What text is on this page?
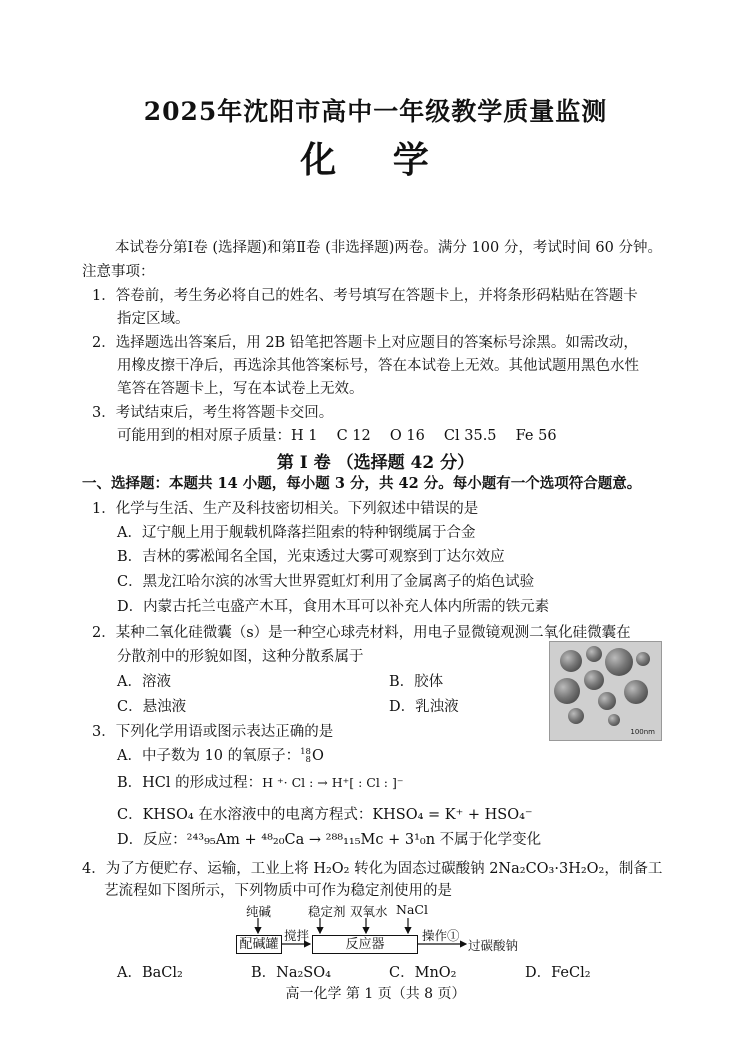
2025年沈阳市高中一年级教学质量监测
化 学
本试卷分第Ⅰ卷 (选择题)和第Ⅱ卷 (非选择题)两卷。满分 100 分，考试时间 60 分钟。
注意事项：
1．答卷前，考生务必将自己的姓名、考号填写在答题卡上，并将条形码粘贴在答题卡
指定区域。
2．选择题选出答案后，用 2B 铅笔把答题卡上对应题目的答案标号涂黑。如需改动，
用橡皮擦干净后，再选涂其他答案标号，答在本试卷上无效。其他试题用黑色水性
笔答在答题卡上，写在本试卷上无效。
3．考试结束后，考生将答题卡交回。
可能用到的相对原子质量：H 1　 C 12　 O 16　 Cl 35.5　 Fe 56
第 I 卷 （选择题 42 分）
一、选择题：本题共 14 小题，每小题 3 分，共 42 分。每小题有一个选项符合题意。
1．化学与生活、生产及科技密切相关。下列叙述中错误的是
A．辽宁舰上用于舰载机降落拦阻索的特种钢缆属于合金
B．吉林的雾凇闻名全国，光束透过大雾可观察到丁达尔效应
C．黑龙江哈尔滨的冰雪大世界霓虹灯利用了金属离子的焰色试验
D．内蒙古托兰屯盛产木耳，食用木耳可以补充人体内所需的铁元素
2．某种二氧化硅微囊（s）是一种空心球壳材料，用电子显微镜观测二氧化硅微囊在
分散剂中的形貌如图，这种分散系属于
A．溶液	B．胶体
C．悬浊液	D．乳浊液
100nm
3．下列化学用语或图示表达正确的是
A．中子数为 10 的氧原子：18
8O
B．HCl 的形成过程：H ⁺· Cl : → H⁺[ : Cl : ]⁻
C．KHSO₄ 在水溶液中的电离方程式：KHSO₄ = K⁺ + HSO₄⁻
D．反应：²⁴³₉₅Am + ⁴⁸₂₀Ca → ²⁸⁸₁₁₅Mc + 3¹₀n 不属于化学变化
4．为了方便贮存、运输，工业上将 H₂O₂ 转化为固态过碳酸钠 2Na₂CO₃·3H₂O₂，制备工
艺流程如下图所示，下列物质中可作为稳定剂使用的是
纯碱	稳定剂 双氧水 NaCl
配碱罐
搅拌
反应器
操作①
过碳酸钠
A．BaCl₂	B．Na₂SO₄	C．MnO₂	D．FeCl₂
高一化学 第 1 页（共 8 页）
